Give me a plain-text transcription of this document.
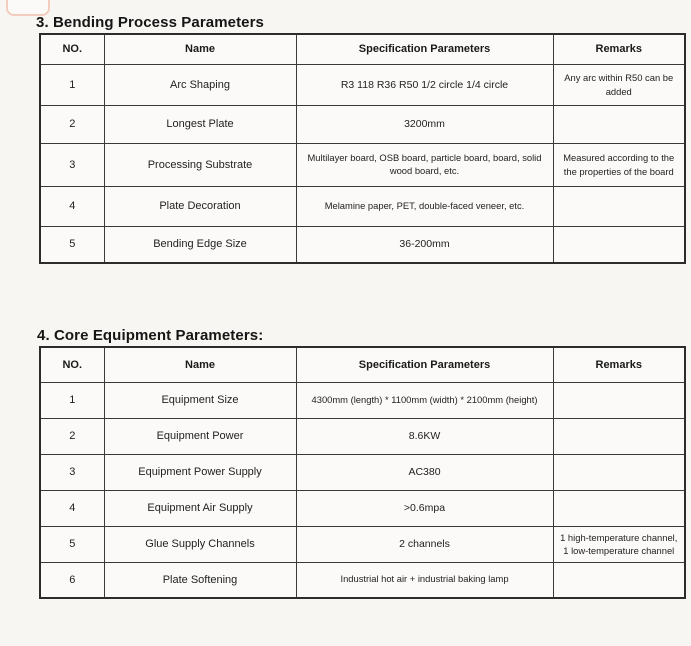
3. Bending Process Parameters
NO.	Name	Specification Parameters	Remarks
1	Arc Shaping	R3 118 R36 R50 1/2 circle 1/4 circle	Any arc within R50 can be added
2	Longest Plate	3200mm	
3	Processing Substrate	Multilayer board, OSB board, particle board, board, solid wood board, etc.	Measured according to the the properties of the board
4	Plate Decoration	Melamine paper, PET, double-faced veneer, etc.	
5	Bending Edge Size	36-200mm	
4. Core Equipment Parameters:
NO.	Name	Specification Parameters	Remarks
1	Equipment Size	4300mm (length) * 1100mm (width) * 2100mm (height)	
2	Equipment Power	8.6KW	
3	Equipment Power Supply	AC380	
4	Equipment Air Supply	>0.6mpa	
5	Glue Supply Channels	2 channels	1 high-temperature channel, 1 low-temperature channel
6	Plate Softening	Industrial hot air + industrial baking lamp	
